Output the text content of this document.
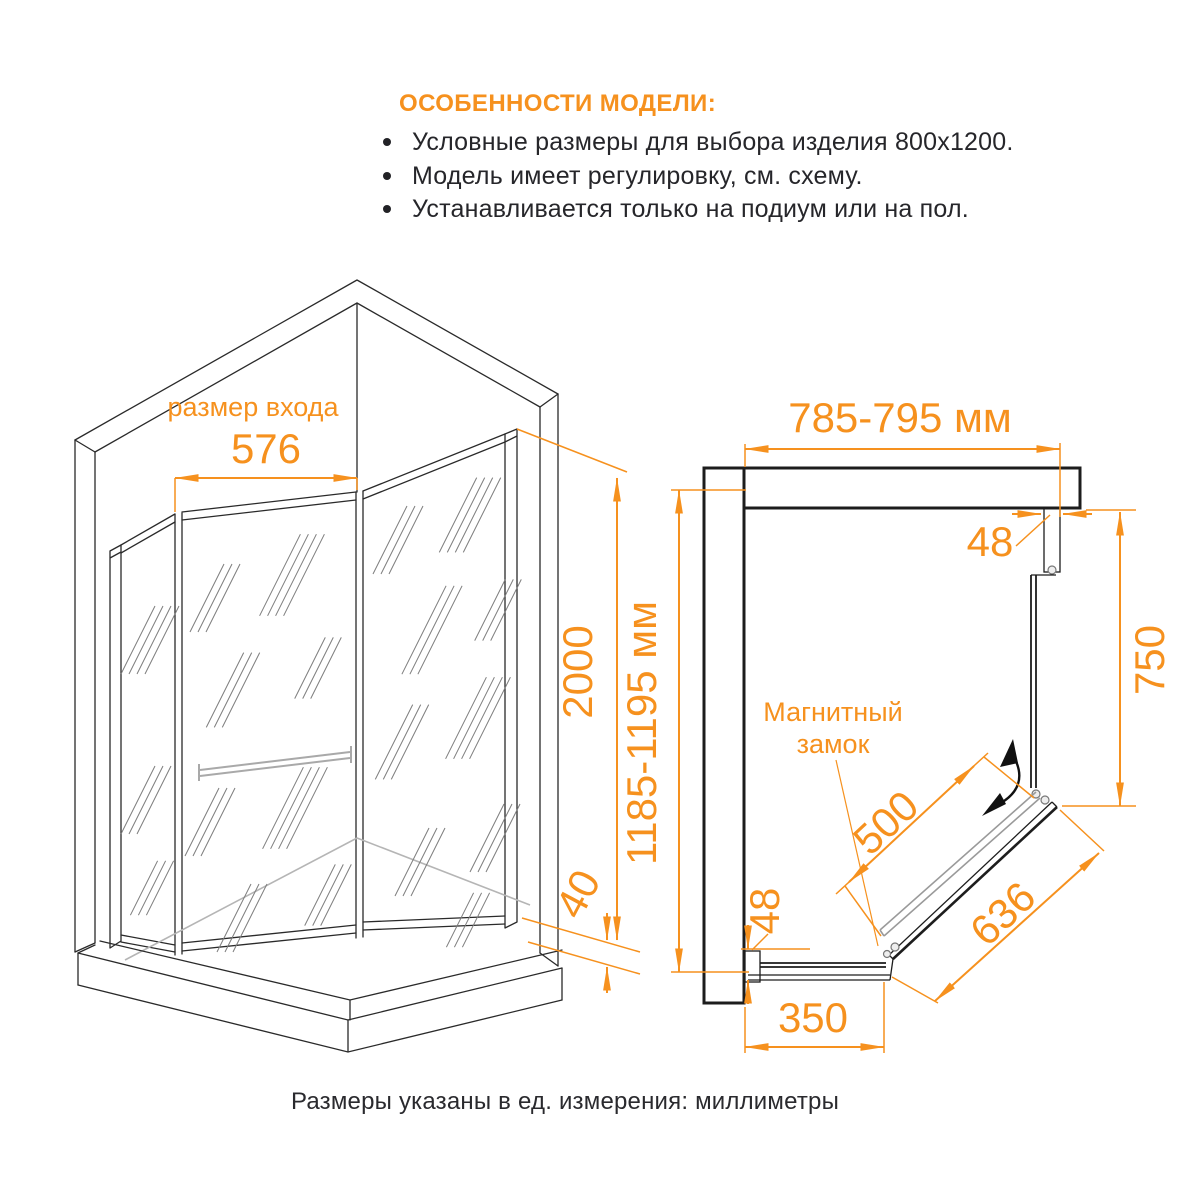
ОСОБЕННОСТИ МОДЕЛИ:
Условные размеры для выбора изделия 800х1200.
Модель имеет регулировку, см. схему.
Устанавливается только на подиум или на пол.
размер входа
576
2000
40
785-795 мм
48
750
1185-1195 мм
48
350
500
636
Магнитный
замок
Размеры указаны в ед. измерения: миллиметры
